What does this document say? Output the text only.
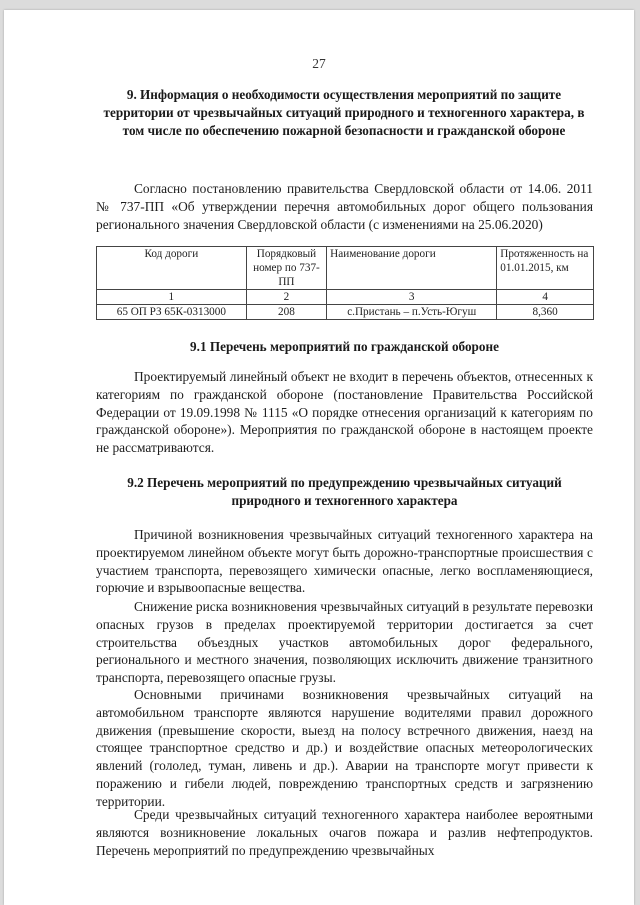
27
9. Информация о необходимости осуществления мероприятий по защите территории от чрезвычайных ситуаций природного и техногенного характера, в том числе по обеспечению пожарной безопасности и гражданской обороне

Согласно постановлению правительства Свердловской области от 14.06. 2011 № 737-ПП «Об утверждении перечня автомобильных дорог общего пользования регионального значения Свердловской области (с изменениями на 25.06.2020)

Код дороги	Порядковый номер по 737-ПП	Наименование дороги	Протяженность на 01.01.2015, км
1	2	3	4
65 ОП РЗ 65К-0313000	208	с.Пристань – п.Усть-Югуш	8,360
9.1 Перечень мероприятий по гражданской обороне

Проектируемый линейный объект не входит в перечень объектов, отнесенных к категориям по гражданской обороне (постановление Правительства Российской Федерации от 19.09.1998 № 1115 «О порядке отнесения организаций к категориям по гражданской обороне»). Мероприятия по гражданской обороне в настоящем проекте не рассматриваются.

9.2 Перечень мероприятий по предупреждению чрезвычайных ситуаций природного и техногенного характера

Причиной возникновения чрезвычайных ситуаций техногенного характера на проектируемом линейном объекте могут быть дорожно-транспортные происшествия с участием транспорта, перевозящего химически опасные, легко воспламеняющиеся, горючие и взрывоопасные вещества.

Снижение риска возникновения чрезвычайных ситуаций в результате перевозки опасных грузов в пределах проектируемой территории достигается за счет строительства объездных участков автомобильных дорог федерального, регионального и местного значения, позволяющих исключить движение транзитного транспорта, перевозящего опасные грузы.

Основными причинами возникновения чрезвычайных ситуаций на автомобильном транспорте являются нарушение водителями правил дорожного движения (превышение скорости, выезд на полосу встречного движения, наезд на стоящее транспортное средство и др.) и воздействие опасных метеорологических явлений (гололед, туман, ливень и др.). Аварии на транспорте могут привести к поражению и гибели людей, повреждению транспортных средств и загрязнению территории.

Среди чрезвычайных ситуаций техногенного характера наиболее вероятными являются возникновение локальных очагов пожара и разлив нефтепродуктов. Перечень мероприятий по предупреждению чрезвычайных
